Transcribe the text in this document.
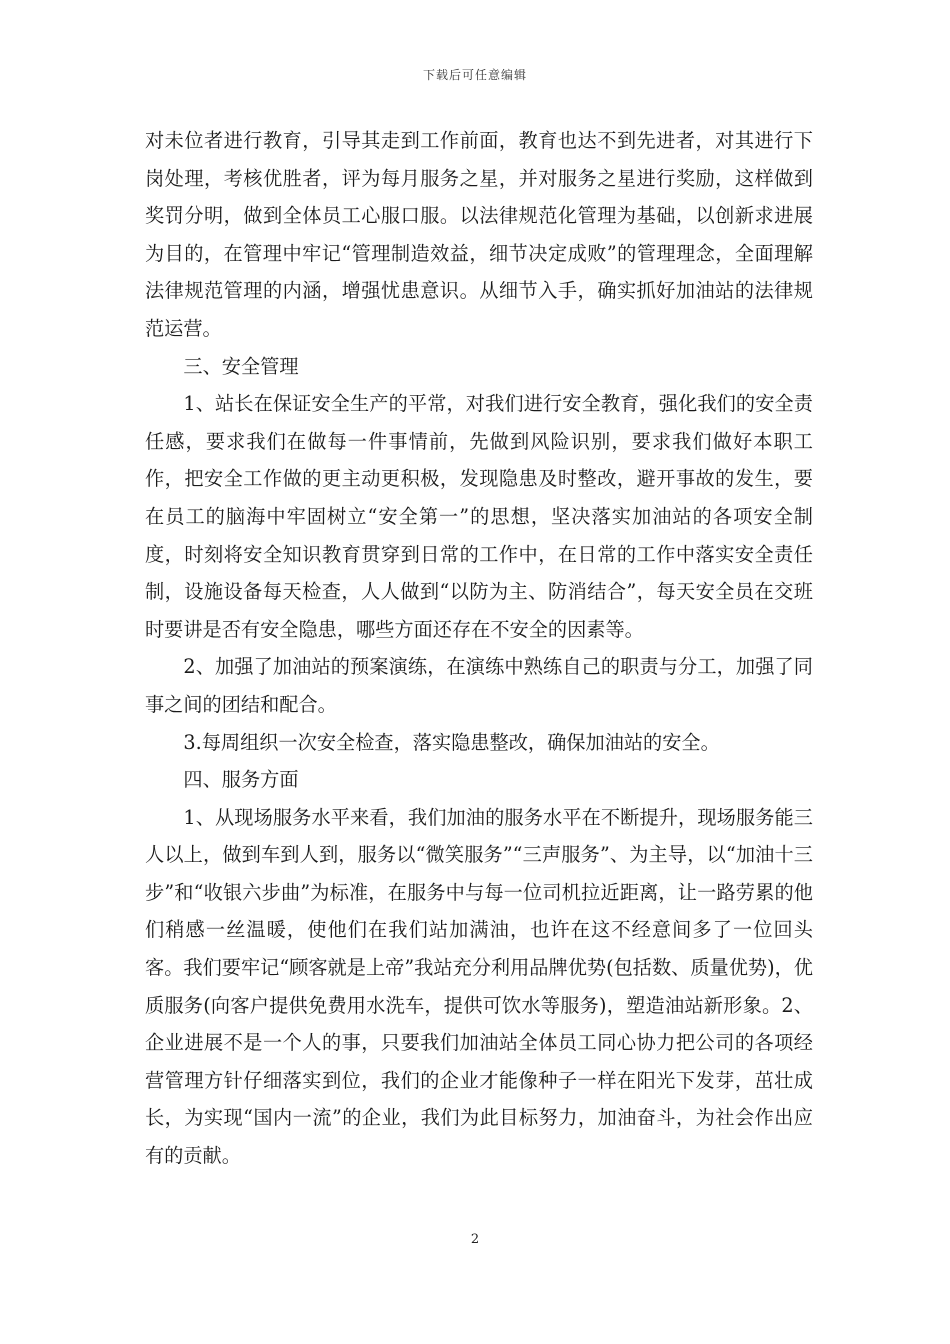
下载后可任意编辑

对未位者进行教育，引导其走到工作前面，教育也达不到先进者，对其进行下岗处理，考核优胜者，评为每月服务之星，并对服务之星进行奖励，这样做到奖罚分明，做到全体员工心服口服。以法律规范化管理为基础，以创新求进展为目的，在管理中牢记“管理制造效益，细节决定成败”的管理理念，全面理解法律规范管理的内涵，增强忧患意识。从细节入手，确实抓好加油站的法律规范运营。

三、安全管理

1、站长在保证安全生产的平常，对我们进行安全教育，强化我们的安全责任感，要求我们在做每一件事情前，先做到风险识别，要求我们做好本职工作，把安全工作做的更主动更积极，发现隐患及时整改，避开事故的发生，要在员工的脑海中牢固树立“安全第一”的思想，坚决落实加油站的各项安全制度，时刻将安全知识教育贯穿到日常的工作中，在日常的工作中落实安全责任制，设施设备每天检查，人人做到“以防为主、防消结合”，每天安全员在交班时要讲是否有安全隐患，哪些方面还存在不安全的因素等。

2、加强了加油站的预案演练，在演练中熟练自己的职责与分工，加强了同事之间的团结和配合。

3.每周组织一次安全检查，落实隐患整改，确保加油站的安全。

四、服务方面

1、从现场服务水平来看，我们加油的服务水平在不断提升，现场服务能三人以上，做到车到人到，服务以“微笑服务”“三声服务”、为主导，以“加油十三步”和“收银六步曲”为标准，在服务中与每一位司机拉近距离，让一路劳累的他们稍感一丝温暖，使他们在我们站加满油，也许在这不经意间多了一位回头客。我们要牢记“顾客就是上帝”我站充分利用品牌优势(包括数、质量优势)，优质服务(向客户提供免费用水洗车，提供可饮水等服务)，塑造油站新形象。2、企业进展不是一个人的事，只要我们加油站全体员工同心协力把公司的各项经营管理方针仔细落实到位，我们的企业才能像种子一样在阳光下发芽，茁壮成长，为实现“国内一流”的企业，我们为此目标努力，加油奋斗，为社会作出应有的贡献。

2
